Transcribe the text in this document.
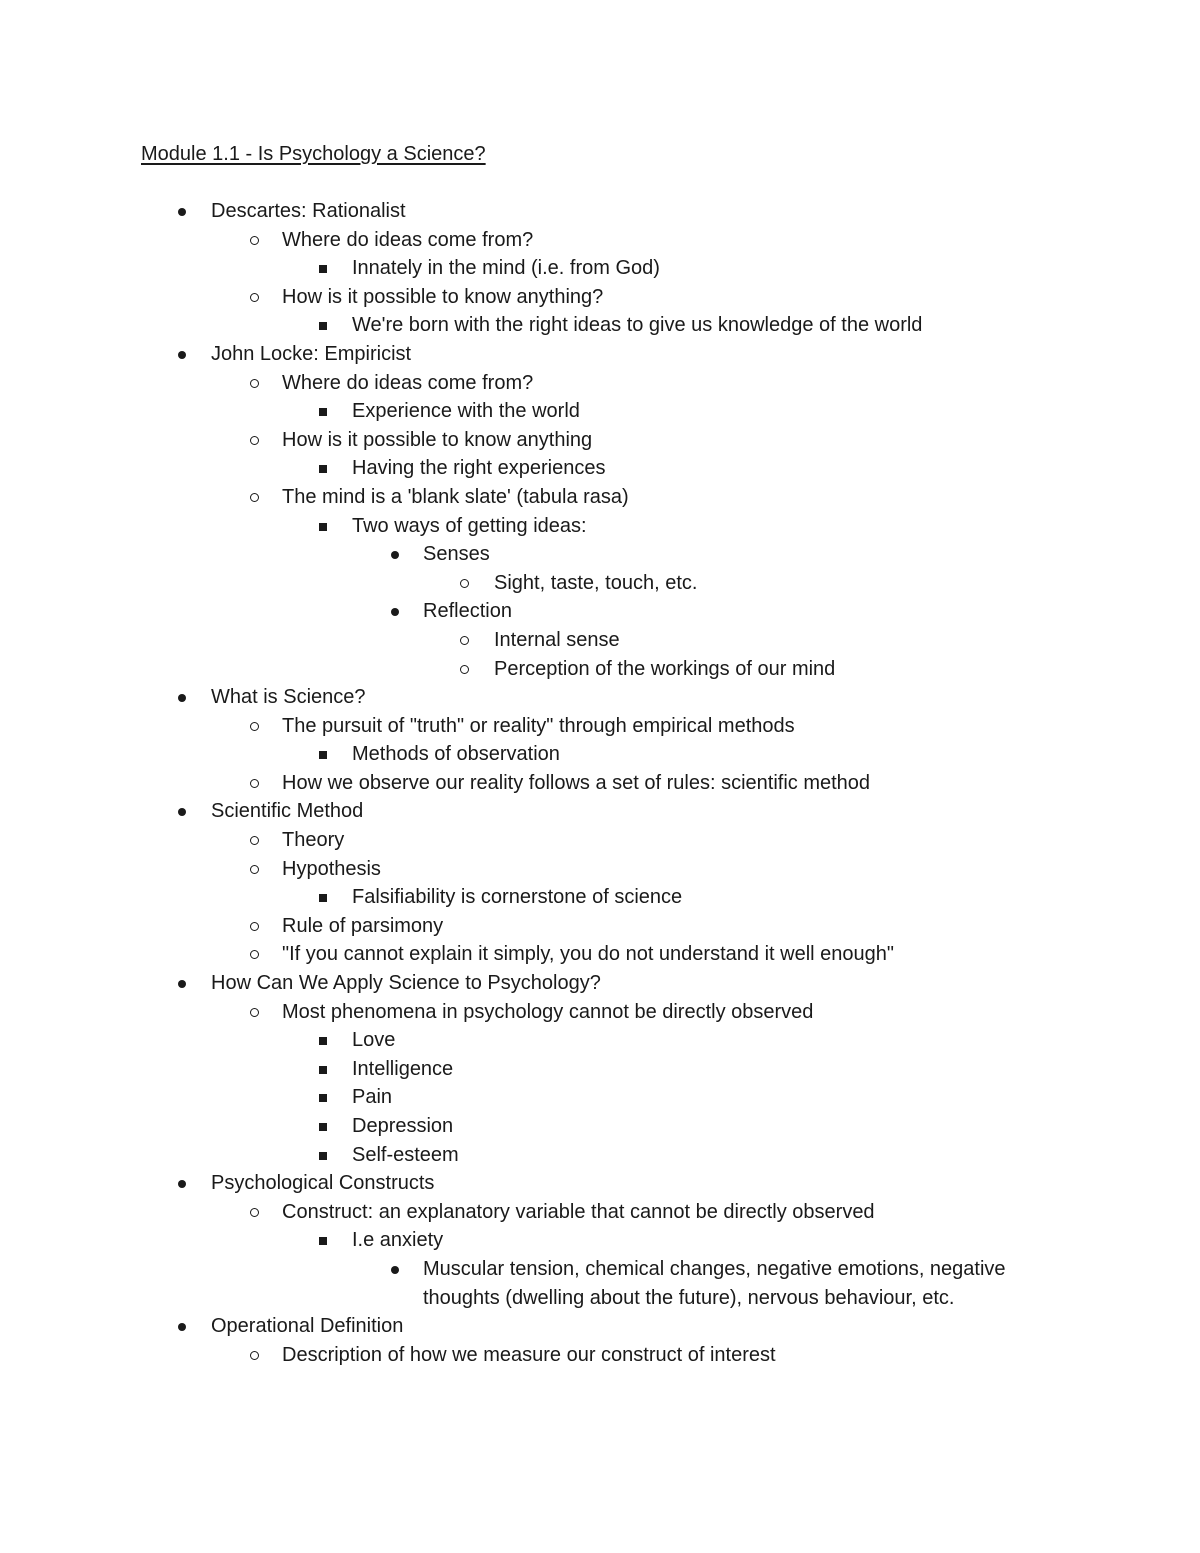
Module 1.1 - Is Psychology a Science?
Descartes: Rationalist
Where do ideas come from?
Innately in the mind (i.e. from God)
How is it possible to know anything?
We're born with the right ideas to give us knowledge of the world
John Locke: Empiricist
Where do ideas come from?
Experience with the world
How is it possible to know anything
Having the right experiences
The mind is a 'blank slate' (tabula rasa)
Two ways of getting ideas:
Senses
Sight, taste, touch, etc.
Reflection
Internal sense
Perception of the workings of our mind
What is Science?
The pursuit of "truth" or reality" through empirical methods
Methods of observation
How we observe our reality follows a set of rules: scientific method
Scientific Method
Theory
Hypothesis
Falsifiability is cornerstone of science
Rule of parsimony
"If you cannot explain it simply, you do not understand it well enough"
How Can We Apply Science to Psychology?
Most phenomena in psychology cannot be directly observed
Love
Intelligence
Pain
Depression
Self-esteem
Psychological Constructs
Construct: an explanatory variable that cannot be directly observed
I.e anxiety
Muscular tension, chemical changes, negative emotions, negative thoughts (dwelling about the future), nervous behaviour, etc.
Operational Definition
Description of how we measure our construct of interest
